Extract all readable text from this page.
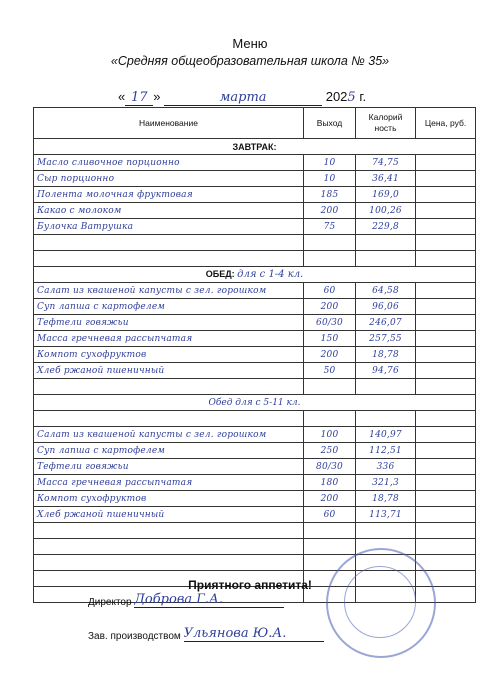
Меню
«Средняя общеобразовательная школа № 35»
« 17 »	марта	2025 г.
Наименование	Выход	Калорий ность	Цена, руб.
ЗАВТРАК:			
Масло сливочное порционно	10	74,75	
Сыр порционно	10	36,41	
Полента молочная фруктовая	185	169,0	
Какао с молоком	200	100,26	
Булочка Ватрушка	75	229,8	

ОБЕД: для с 1-4 кл.			
Салат из квашеной капусты с зел. горошком	60	64,58	
Суп лапша с картофелем	200	96,06	
Тефтели говяжьи	60/30	246,07	
Масса гречневая рассыпчатая	150	257,55	
Компот сухофруктов	200	18,78	
Хлеб ржаной пшеничный	50	94,76	

Обед для с 5-11 кл.			

Салат из квашеной капусты с зел. горошком	100	140,97	
Суп лапша с картофелем	250	112,51	
Тефтели говяжьи	80/30	336	
Масса гречневая рассыпчатая	180	321,3	
Компот сухофруктов	200	18,78	
Хлеб ржаной пшеничный	60	113,71	

Приятного аппетита!
Директор Доброва Г.А.
Зав. производством Ульянова Ю.А.
